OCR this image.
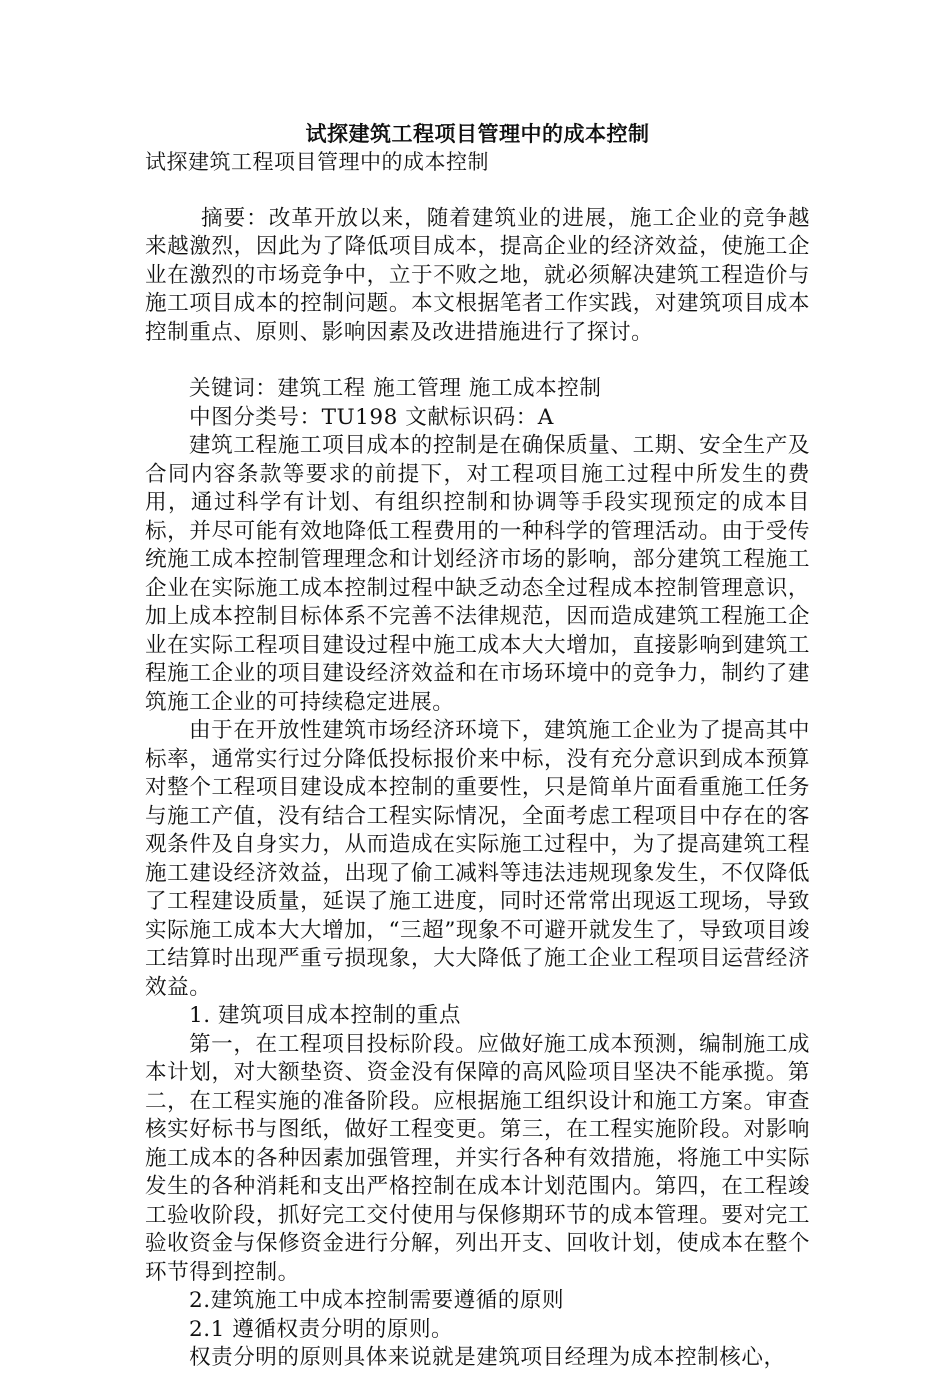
试探建筑工程项目管理中的成本控制

试探建筑工程项目管理中的成本控制

摘要：改革开放以来，随着建筑业的进展，施工企业的竞争越来越激烈，因此为了降低项目成本，提高企业的经济效益，使施工企业在激烈的市场竞争中，立于不败之地，就必须解决建筑工程造价与施工项目成本的控制问题。本文根据笔者工作实践，对建筑项目成本控制重点、原则、影响因素及改进措施进行了探讨。

关键词：建筑工程 施工管理 施工成本控制

中图分类号：TU198 文献标识码：A

建筑工程施工项目成本的控制是在确保质量、工期、安全生产及合同内容条款等要求的前提下，对工程项目施工过程中所发生的费用，通过科学有计划、有组织控制和协调等手段实现预定的成本目标，并尽可能有效地降低工程费用的一种科学的管理活动。由于受传统施工成本控制管理理念和计划经济市场的影响，部分建筑工程施工企业在实际施工成本控制过程中缺乏动态全过程成本控制管理意识，加上成本控制目标体系不完善不法律规范，因而造成建筑工程施工企业在实际工程项目建设过程中施工成本大大增加，直接影响到建筑工程施工企业的项目建设经济效益和在市场环境中的竞争力，制约了建筑施工企业的可持续稳定进展。

由于在开放性建筑市场经济环境下，建筑施工企业为了提高其中标率，通常实行过分降低投标报价来中标，没有充分意识到成本预算对整个工程项目建设成本控制的重要性，只是简单片面看重施工任务与施工产值，没有结合工程实际情况，全面考虑工程项目中存在的客观条件及自身实力，从而造成在实际施工过程中，为了提高建筑工程施工建设经济效益，出现了偷工减料等违法违规现象发生，不仅降低了工程建设质量，延误了施工进度，同时还常常出现返工现场，导致实际施工成本大大增加，“三超”现象不可避开就发生了，导致项目竣工结算时出现严重亏损现象，大大降低了施工企业工程项目运营经济效益。

1. 建筑项目成本控制的重点

第一，在工程项目投标阶段。应做好施工成本预测，编制施工成本计划，对大额垫资、资金没有保障的高风险项目坚决不能承揽。第二，在工程实施的准备阶段。应根据施工组织设计和施工方案。审查核实好标书与图纸，做好工程变更。第三，在工程实施阶段。对影响施工成本的各种因素加强管理，并实行各种有效措施，将施工中实际发生的各种消耗和支出严格控制在成本计划范围内。第四，在工程竣工验收阶段，抓好完工交付使用与保修期环节的成本管理。要对完工验收资金与保修资金进行分解，列出开支、回收计划，使成本在整个环节得到控制。

2.建筑施工中成本控制需要遵循的原则

2.1 遵循权责分明的原则。

权责分明的原则具体来说就是建筑项目经理为成本控制核心，
